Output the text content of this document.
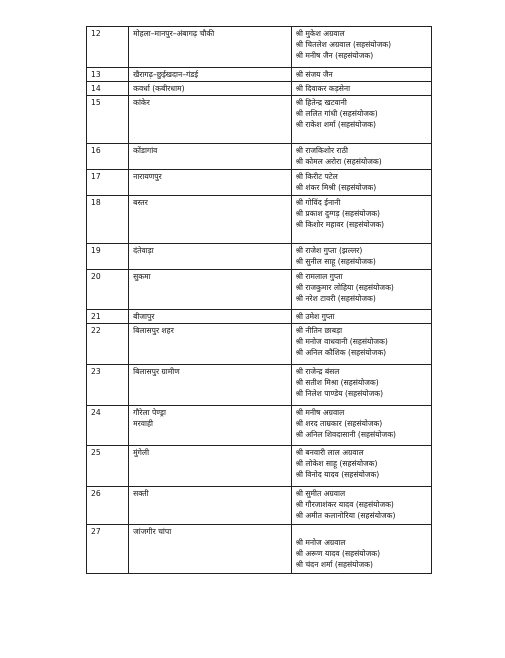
12	मोहला–मानपुर–अंबागढ़ चौकी	श्री मुकेश अग्रवाल
श्री चितलेश अग्रवाल (सहसंयोजक)
श्री मनीष जैन (सहसंयोजक)

13	खैरागढ़–छुईखदान–गंडई	श्री संजय जैन

14	कवर्धा (कबीरधाम)	श्री दिवाकर कड़सेना

15	कांकेर	श्री हितेन्द्र खटवानी
श्री ललित गांधी (सहसंयोजक)
श्री राकेश शर्मा (सहसंयोजक)

16	कोंडागांव	श्री राजकिशोर राठी
श्री कोमल अरोरा (सहसंयोजक)

17	नारायणपुर	श्री किरीट पटेल
श्री शंकर मिश्री (सहसंयोजक)

18	बस्तर	श्री गोविंद ईनानी
श्री प्रकाश दुग्गड़ (सहसंयोजक)
श्री किशोर महावर (सहसंयोजक)

19	दंतेवाड़ा	श्री राजेश गुप्ता (झल्लर)
श्री सुनील साहू (सहसंयोजक)

20	सुकमा	श्री रामलाल गुप्ता
श्री राजकुमार लोहिया (सहसंयोजक)
श्री नरेश टावरी (सहसंयोजक)

21	बीजापुर	श्री उमेश गुप्ता

22	बिलासपुर शहर	श्री नीतिन छाबड़ा
श्री मनोज वाधवानी (सहसंयोजक)
श्री अनिल कौशिक (सहसंयोजक)

23	बिलासपुर ग्रामीण	श्री राजेन्द्र बंसल
श्री सतीश मिश्रा (सहसंयोजक)
श्री निलेश पाण्डेय (सहसंयोजक)

24	गौरेला पेण्ड्रा
मरवाही	श्री मनीष अग्रवाल
श्री शरद ताम्रकार (सहसंयोजक)
श्री अनिल शिवदासानी (सहसंयोजक)

25	मुंगेली	श्री बनवारी लाल अग्रवाल
श्री लोकेश साहू (सहसंयोजक)
श्री विनोद यादव (सहसंयोजक)

26	सक्ती	श्री सुमीत अग्रवाल
श्री गौरजाशंकर यादव (सहसंयोजक)
श्री अमीत कलानोरिया (सहसंयोजक)

27	जांजगीर चांपा	श्री मनोज अग्रवाल
श्री अरूण यादव (सहसंयोजक)
श्री चंदन शर्मा (सहसंयोजक)
